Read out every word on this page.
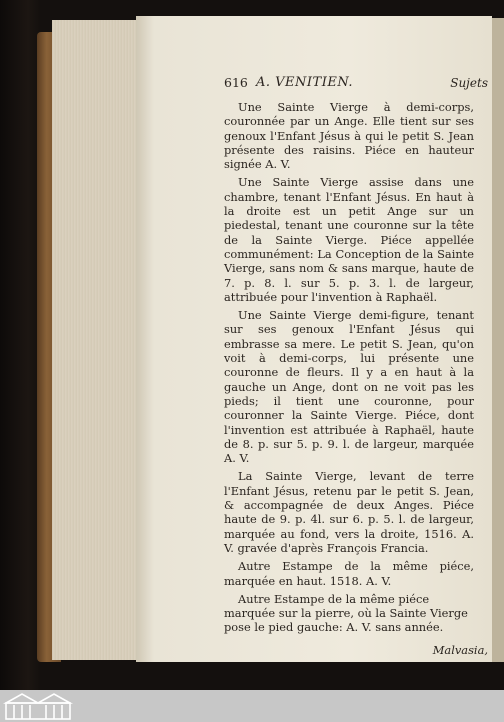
616 A. VENITIEN.	Sujets

Une Sainte Vierge à demi-corps, couronnée par un Ange. Elle tient sur ses genoux l'Enfant Jésus à qui le petit S. Jean présente des raisins. Piéce en hauteur signée A. V.

Une Sainte Vierge assise dans une chambre, tenant l'Enfant Jésus. En haut à la droite est un petit Ange sur un piedestal, tenant une couronne sur la tête de la Sainte Vierge. Piéce appellée communément: La Conception de la Sainte Vierge, sans nom & sans marque, haute de 7. p. 8. l. sur 5. p. 3. l. de largeur, attribuée pour l'invention à Raphaël.

Une Sainte Vierge demi-figure, tenant sur ses genoux l'Enfant Jésus qui embrasse sa mere. Le petit S. Jean, qu'on voit à demi-corps, lui présente une couronne de fleurs. Il y a en haut à la gauche un Ange, dont on ne voit pas les pieds; il tient une couronne, pour couronner la Sainte Vierge. Piéce, dont l'invention est attribuée à Raphaël, haute de 8. p. sur 5. p. 9. l. de largeur, marquée A. V.

La Sainte Vierge, levant de terre l'Enfant Jésus, retenu par le petit S. Jean, & accompagnée de deux Anges. Piéce haute de 9. p. 4l. sur 6. p. 5. l. de largeur, marquée au fond, vers la droite, 1516. A. V. gravée d'après François Francia.

Autre Estampe de la même piéce, marquée en haut. 1518. A. V.

Autre Estampe de la même piéce marquée sur la pierre, où la Sainte Vierge pose le pied gauche: A. V. sans année.

Malvasia,
